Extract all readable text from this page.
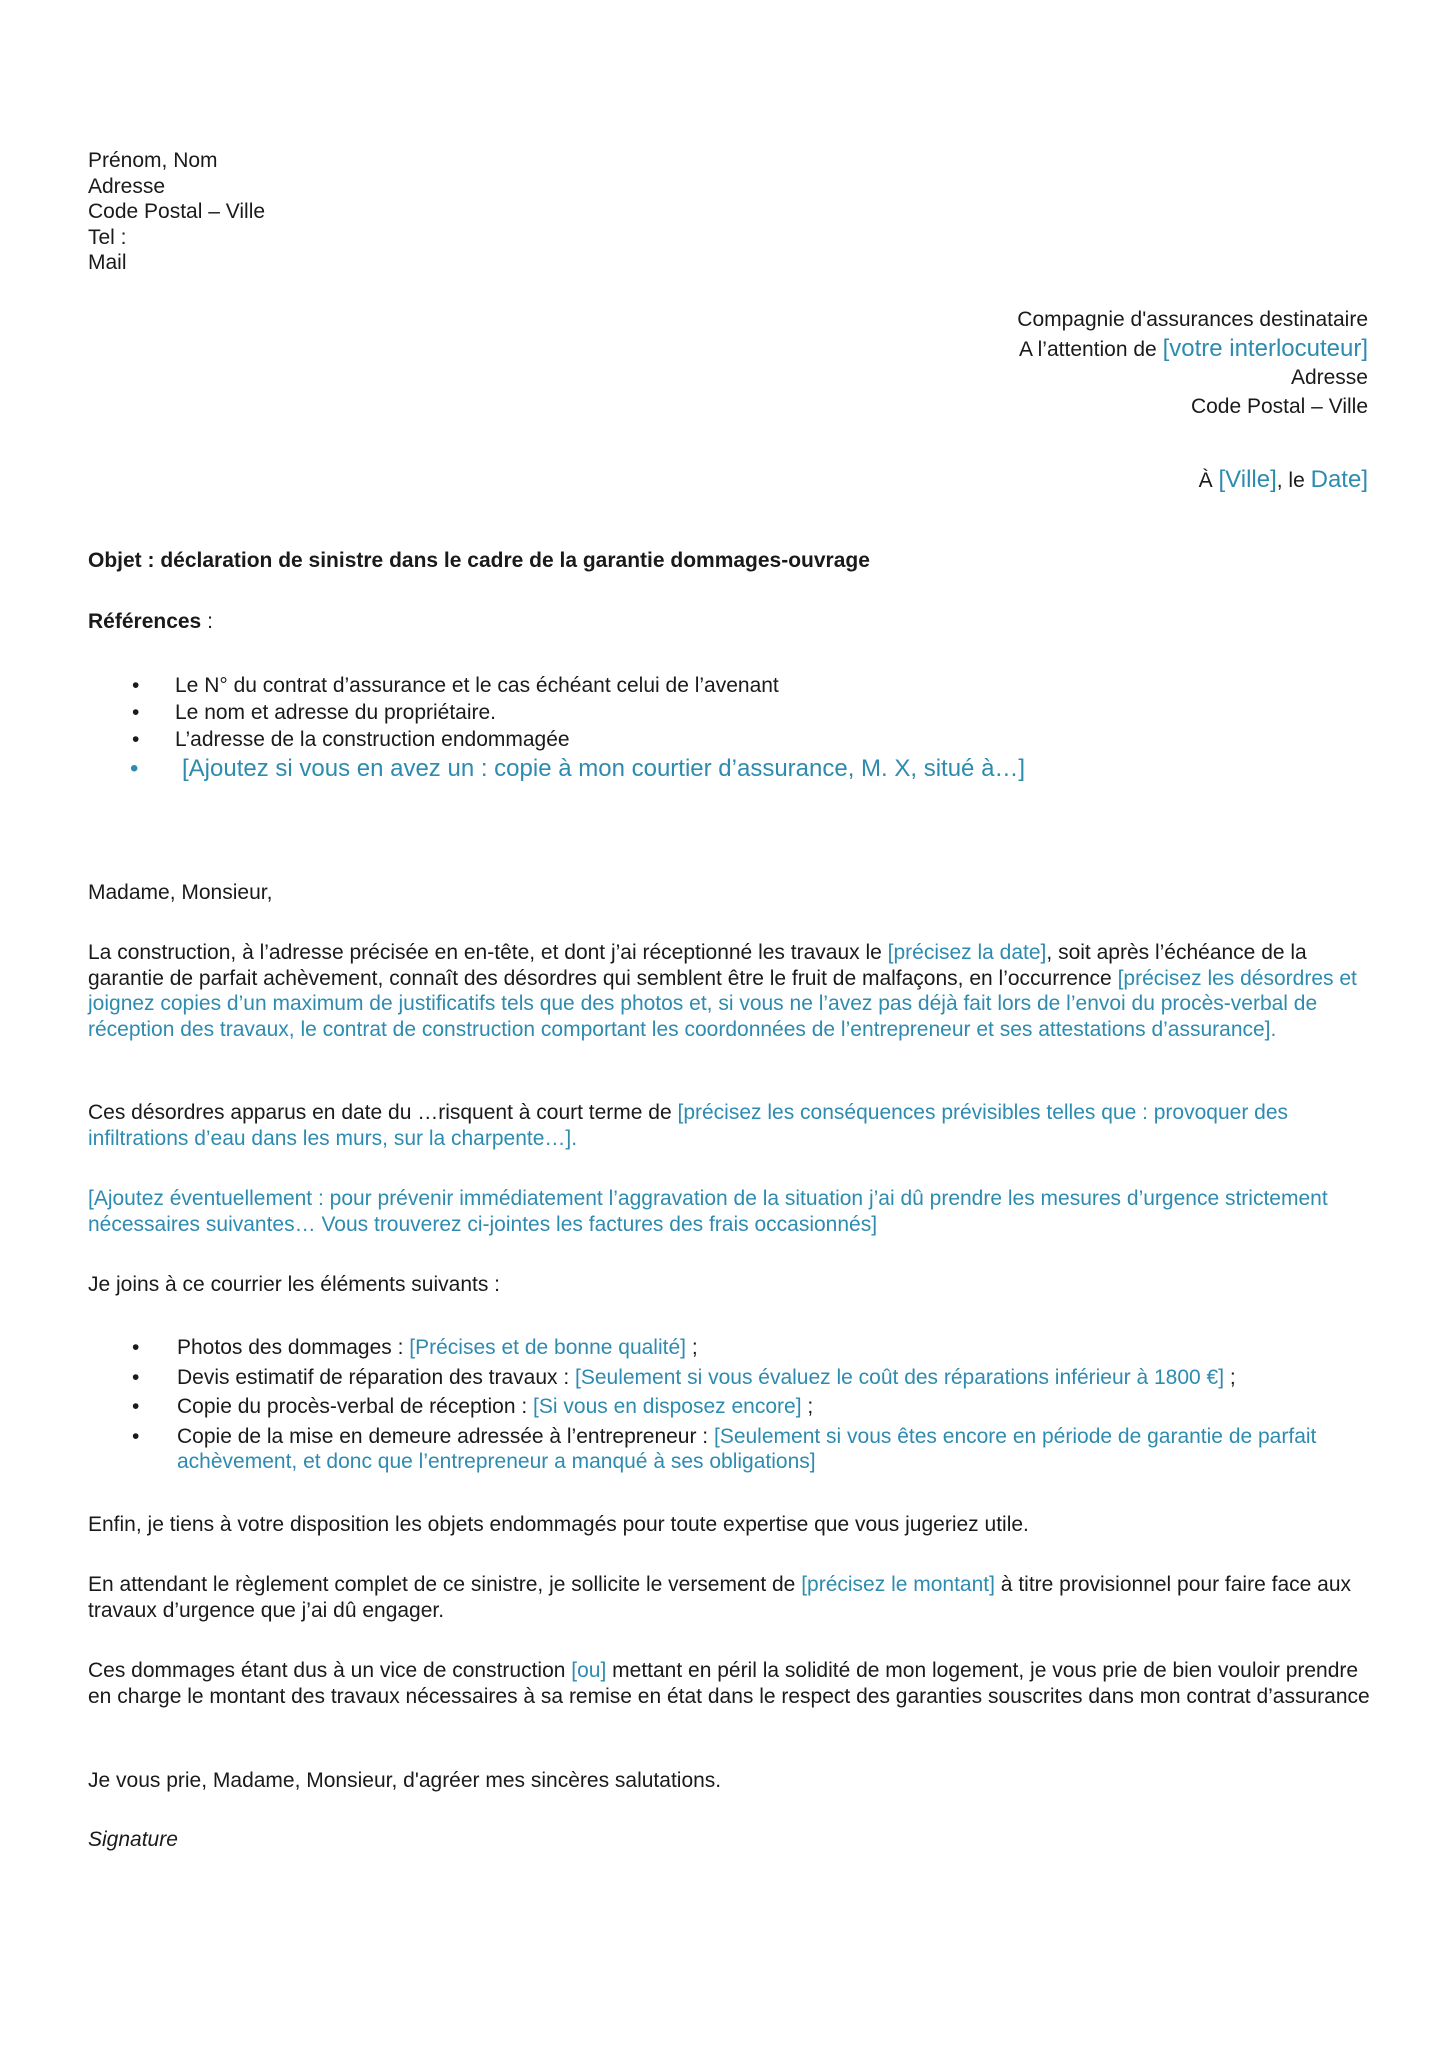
Prénom, Nom
Adresse
Code Postal – Ville
Tel :
Mail
Compagnie d'assurances destinataire
A l’attention de [votre interlocuteur]
Adresse
Code Postal – Ville
À [Ville], le Date]
Objet : déclaration de sinistre dans le cadre de la garantie dommages-ouvrage
Références :
• Le N° du contrat d’assurance et le cas échéant celui de l’avenant
• Le nom et adresse du propriétaire.
• L’adresse de la construction endommagée
• [Ajoutez si vous en avez un : copie à mon courtier d’assurance, M. X, situé à…]
Madame, Monsieur,
La construction, à l’adresse précisée en en-tête, et dont j’ai réceptionné les travaux le [précisez la date], soit après l’échéance de la garantie de parfait achèvement, connaît des désordres qui semblent être le fruit de malfaçons, en l’occurrence [précisez les désordres et joignez copies d’un maximum de justificatifs tels que des photos et, si vous ne l’avez pas déjà fait lors de l’envoi du procès-verbal de réception des travaux, le contrat de construction comportant les coordonnées de l’entrepreneur et ses attestations d’assurance].
Ces désordres apparus en date du …risquent à court terme de [précisez les conséquences prévisibles telles que : provoquer des infiltrations d’eau dans les murs, sur la charpente…].
[Ajoutez éventuellement : pour prévenir immédiatement l’aggravation de la situation j’ai dû prendre les mesures d’urgence strictement nécessaires suivantes… Vous trouverez ci-jointes les factures des frais occasionnés]
Je joins à ce courrier les éléments suivants :
• Photos des dommages : [Précises et de bonne qualité] ;
• Devis estimatif de réparation des travaux : [Seulement si vous évaluez le coût des réparations inférieur à 1800 €] ;
• Copie du procès-verbal de réception : [Si vous en disposez encore] ;
• Copie de la mise en demeure adressée à l’entrepreneur : [Seulement si vous êtes encore en période de garantie de parfait achèvement, et donc que l’entrepreneur a manqué à ses obligations]
Enfin, je tiens à votre disposition les objets endommagés pour toute expertise que vous jugeriez utile.
En attendant le règlement complet de ce sinistre, je sollicite le versement de [précisez le montant] à titre provisionnel pour faire face aux travaux d’urgence que j’ai dû engager.
Ces dommages étant dus à un vice de construction [ou] mettant en péril la solidité de mon logement, je vous prie de bien vouloir prendre en charge le montant des travaux nécessaires à sa remise en état dans le respect des garanties souscrites dans mon contrat d’assurance
Je vous prie, Madame, Monsieur, d'agréer mes sincères salutations.
Signature
